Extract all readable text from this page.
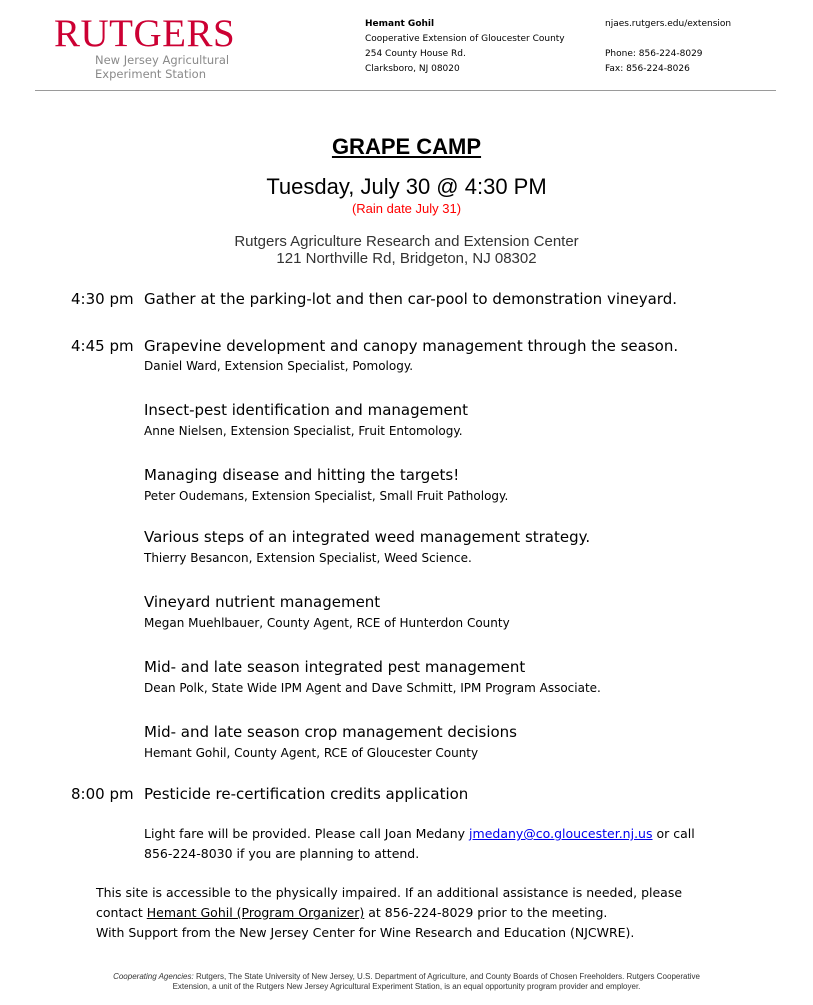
RUTGERS
New Jersey Agricultural
Experiment Station
Hemant Gohil
Cooperative Extension of Gloucester County
254 County House Rd.
Clarksboro, NJ 08020
njaes.rutgers.edu/extension
Phone: 856-224-8029
Fax: 856-224-8026
GRAPE CAMP
Tuesday, July 30 @ 4:30 PM
(Rain date July 31)
Rutgers Agriculture Research and Extension Center
121 Northville Rd, Bridgeton, NJ 08302
4:30 pm Gather at the parking-lot and then car-pool to demonstration vineyard.
4:45 pm Grapevine development and canopy management through the season.
Daniel Ward, Extension Specialist, Pomology.
Insect-pest identification and management
Anne Nielsen, Extension Specialist, Fruit Entomology.
Managing disease and hitting the targets!
Peter Oudemans, Extension Specialist, Small Fruit Pathology.
Various steps of an integrated weed management strategy.
Thierry Besancon, Extension Specialist, Weed Science.
Vineyard nutrient management
Megan Muehlbauer, County Agent, RCE of Hunterdon County
Mid- and late season integrated pest management
Dean Polk, State Wide IPM Agent and Dave Schmitt, IPM Program Associate.
Mid- and late season crop management decisions
Hemant Gohil, County Agent, RCE of Gloucester County
8:00 pm Pesticide re-certification credits application
Light fare will be provided. Please call Joan Medany jmedany@co.gloucester.nj.us or call
856-224-8030 if you are planning to attend.
This site is accessible to the physically impaired. If an additional assistance is needed, please
contact Hemant Gohil (Program Organizer) at 856-224-8029 prior to the meeting.
With Support from the New Jersey Center for Wine Research and Education (NJCWRE).
Cooperating Agencies: Rutgers, The State University of New Jersey, U.S. Department of Agriculture, and County Boards of Chosen Freeholders. Rutgers Cooperative
Extension, a unit of the Rutgers New Jersey Agricultural Experiment Station, is an equal opportunity program provider and employer.
